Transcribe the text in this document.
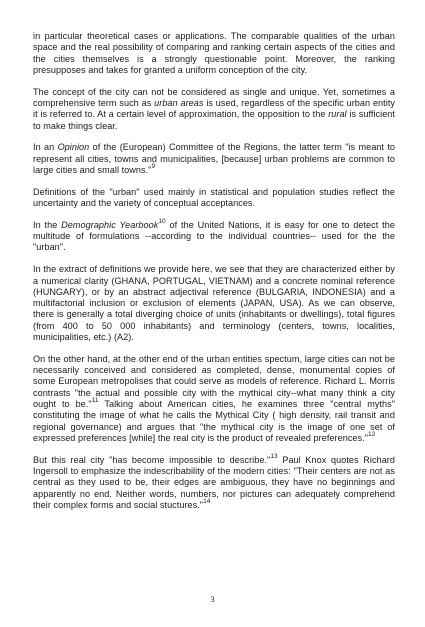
in particular theoretical cases or applications. The comparable qualities of the urban space and the real possibility of comparing and ranking certain aspects of the cities and the cities themselves is a strongly questionable point. Moreover, the ranking presupposes and takes for granted a uniform conception of the city.

The concept of the city can not be considered as single and unique. Yet, sometimes a comprehensive term such as urban areas is used, regardless of the specific urban entity it is referred to. At a certain level of approximation, the opposition to the rural is sufficient to make things clear.

In an Opinion of the (European) Committee of the Regions, the latter term "is meant to represent all cities, towns and municipalities, [because] urban problems are common to large cities and small towns."$^9$

Definitions of the "urban" used mainly in statistical and population studies reflect the uncertainty and the variety of conceptual acceptances.

In the Demographic Yearbook$^{10}$ of the United Nations, it is easy for one to detect the multitude of formulations --according to the individual countries-- used for the the "urban".

In the extract of definitions we provide here, we see that they are characterized either by a numerical clarity (GHANA, PORTUGAL, VIETNAM) and a concrete nominal reference (HUNGARY), or by an abstract adjectival reference (BULGARIA, INDONESIA) and a multifactorial inclusion or exclusion of elements (JAPAN, USA). As we can observe, there is generally a total diverging choice of units (inhabitants or dwellings), total figures (from 400 to 50 000 inhabitants) and terminology (centers, towns, localities, municipalities, etc.) (A2).

On the other hand, at the other end of the urban entities spectum, large cities can not be necessarily conceived and considered as completed, dense, monumental copies of some European metropolises that could serve as models of reference. Richard L. Morris contrasts "the actual and possible city with the mythical city--what many think a city ought to be."$^{11}$ Talking about American cities, he examines three "central myths" constituting the image of what he calls the Mythical City ( high density, rail transit and regional governance) and argues that "the mythical city is the image of one set of expressed preferences [while] the real city is the product of revealed preferences."$^{12}$

But this real city "has become impossible to describe."$^{13}$ Paul Knox quotes Richard Ingersoll to emphasize the indescribability of the modern cities: "Their centers are not as central as they used to be, their edges are ambiguous, they have no beginnings and apparently no end. Neither words, numbers, nor pictures can adequately comprehend their complex forms and social stuctures."$^{14}$

3
